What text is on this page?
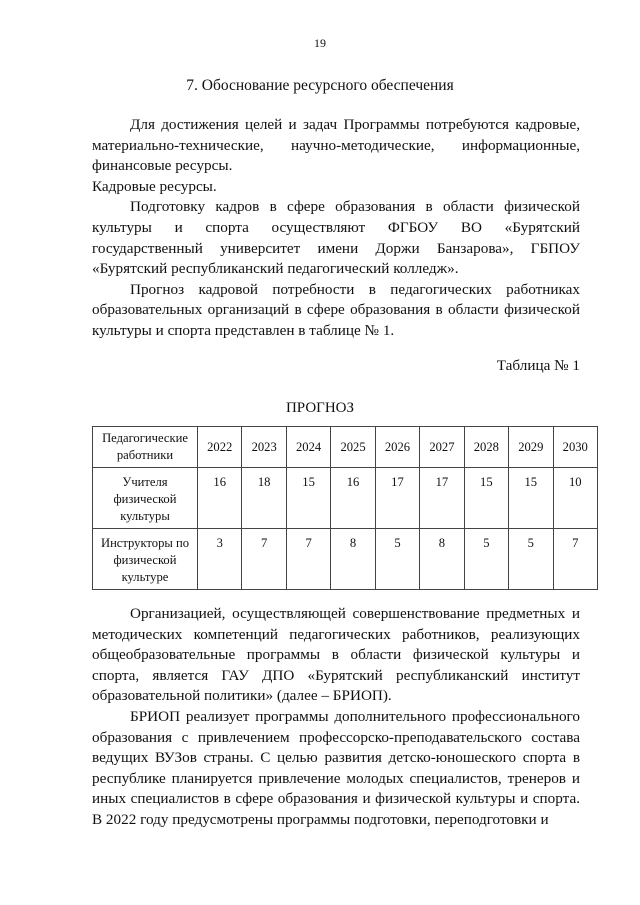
19
7. Обоснование ресурсного обеспечения

Для достижения целей и задач Программы потребуются кадровые, материально-технические, научно-методические, информационные, финансовые ресурсы.

Кадровые ресурсы.

Подготовку кадров в сфере образования в области физической культуры и спорта осуществляют ФГБОУ ВО «Бурятский государственный университет имени Доржи Банзарова», ГБПОУ «Бурятский республиканский педагогический колледж».

Прогноз кадровой потребности в педагогических работниках образовательных организаций в сфере образования в области физической культуры и спорта представлен в таблице № 1.

Таблица № 1
ПРОГНОЗ
Педагогические работники	2022	2023	2024	2025	2026	2027	2028	2029	2030
Учителя физической культуры	16	18	15	16	17	17	15	15	10
Инструкторы по физической культуре	3	7	7	8	5	8	5	5	7

Организацией, осуществляющей совершенствование предметных и методических компетенций педагогических работников, реализующих общеобразовательные программы в области физической культуры и спорта, является ГАУ ДПО «Бурятский республиканский институт образовательной политики» (далее – БРИОП).

БРИОП реализует программы дополнительного профессионального образования с привлечением профессорско-преподавательского состава ведущих ВУЗов страны. С целью развития детско-юношеского спорта в республике планируется привлечение молодых специалистов, тренеров и иных специалистов в сфере образования и физической культуры и спорта. В 2022 году предусмотрены программы подготовки, переподготовки и
